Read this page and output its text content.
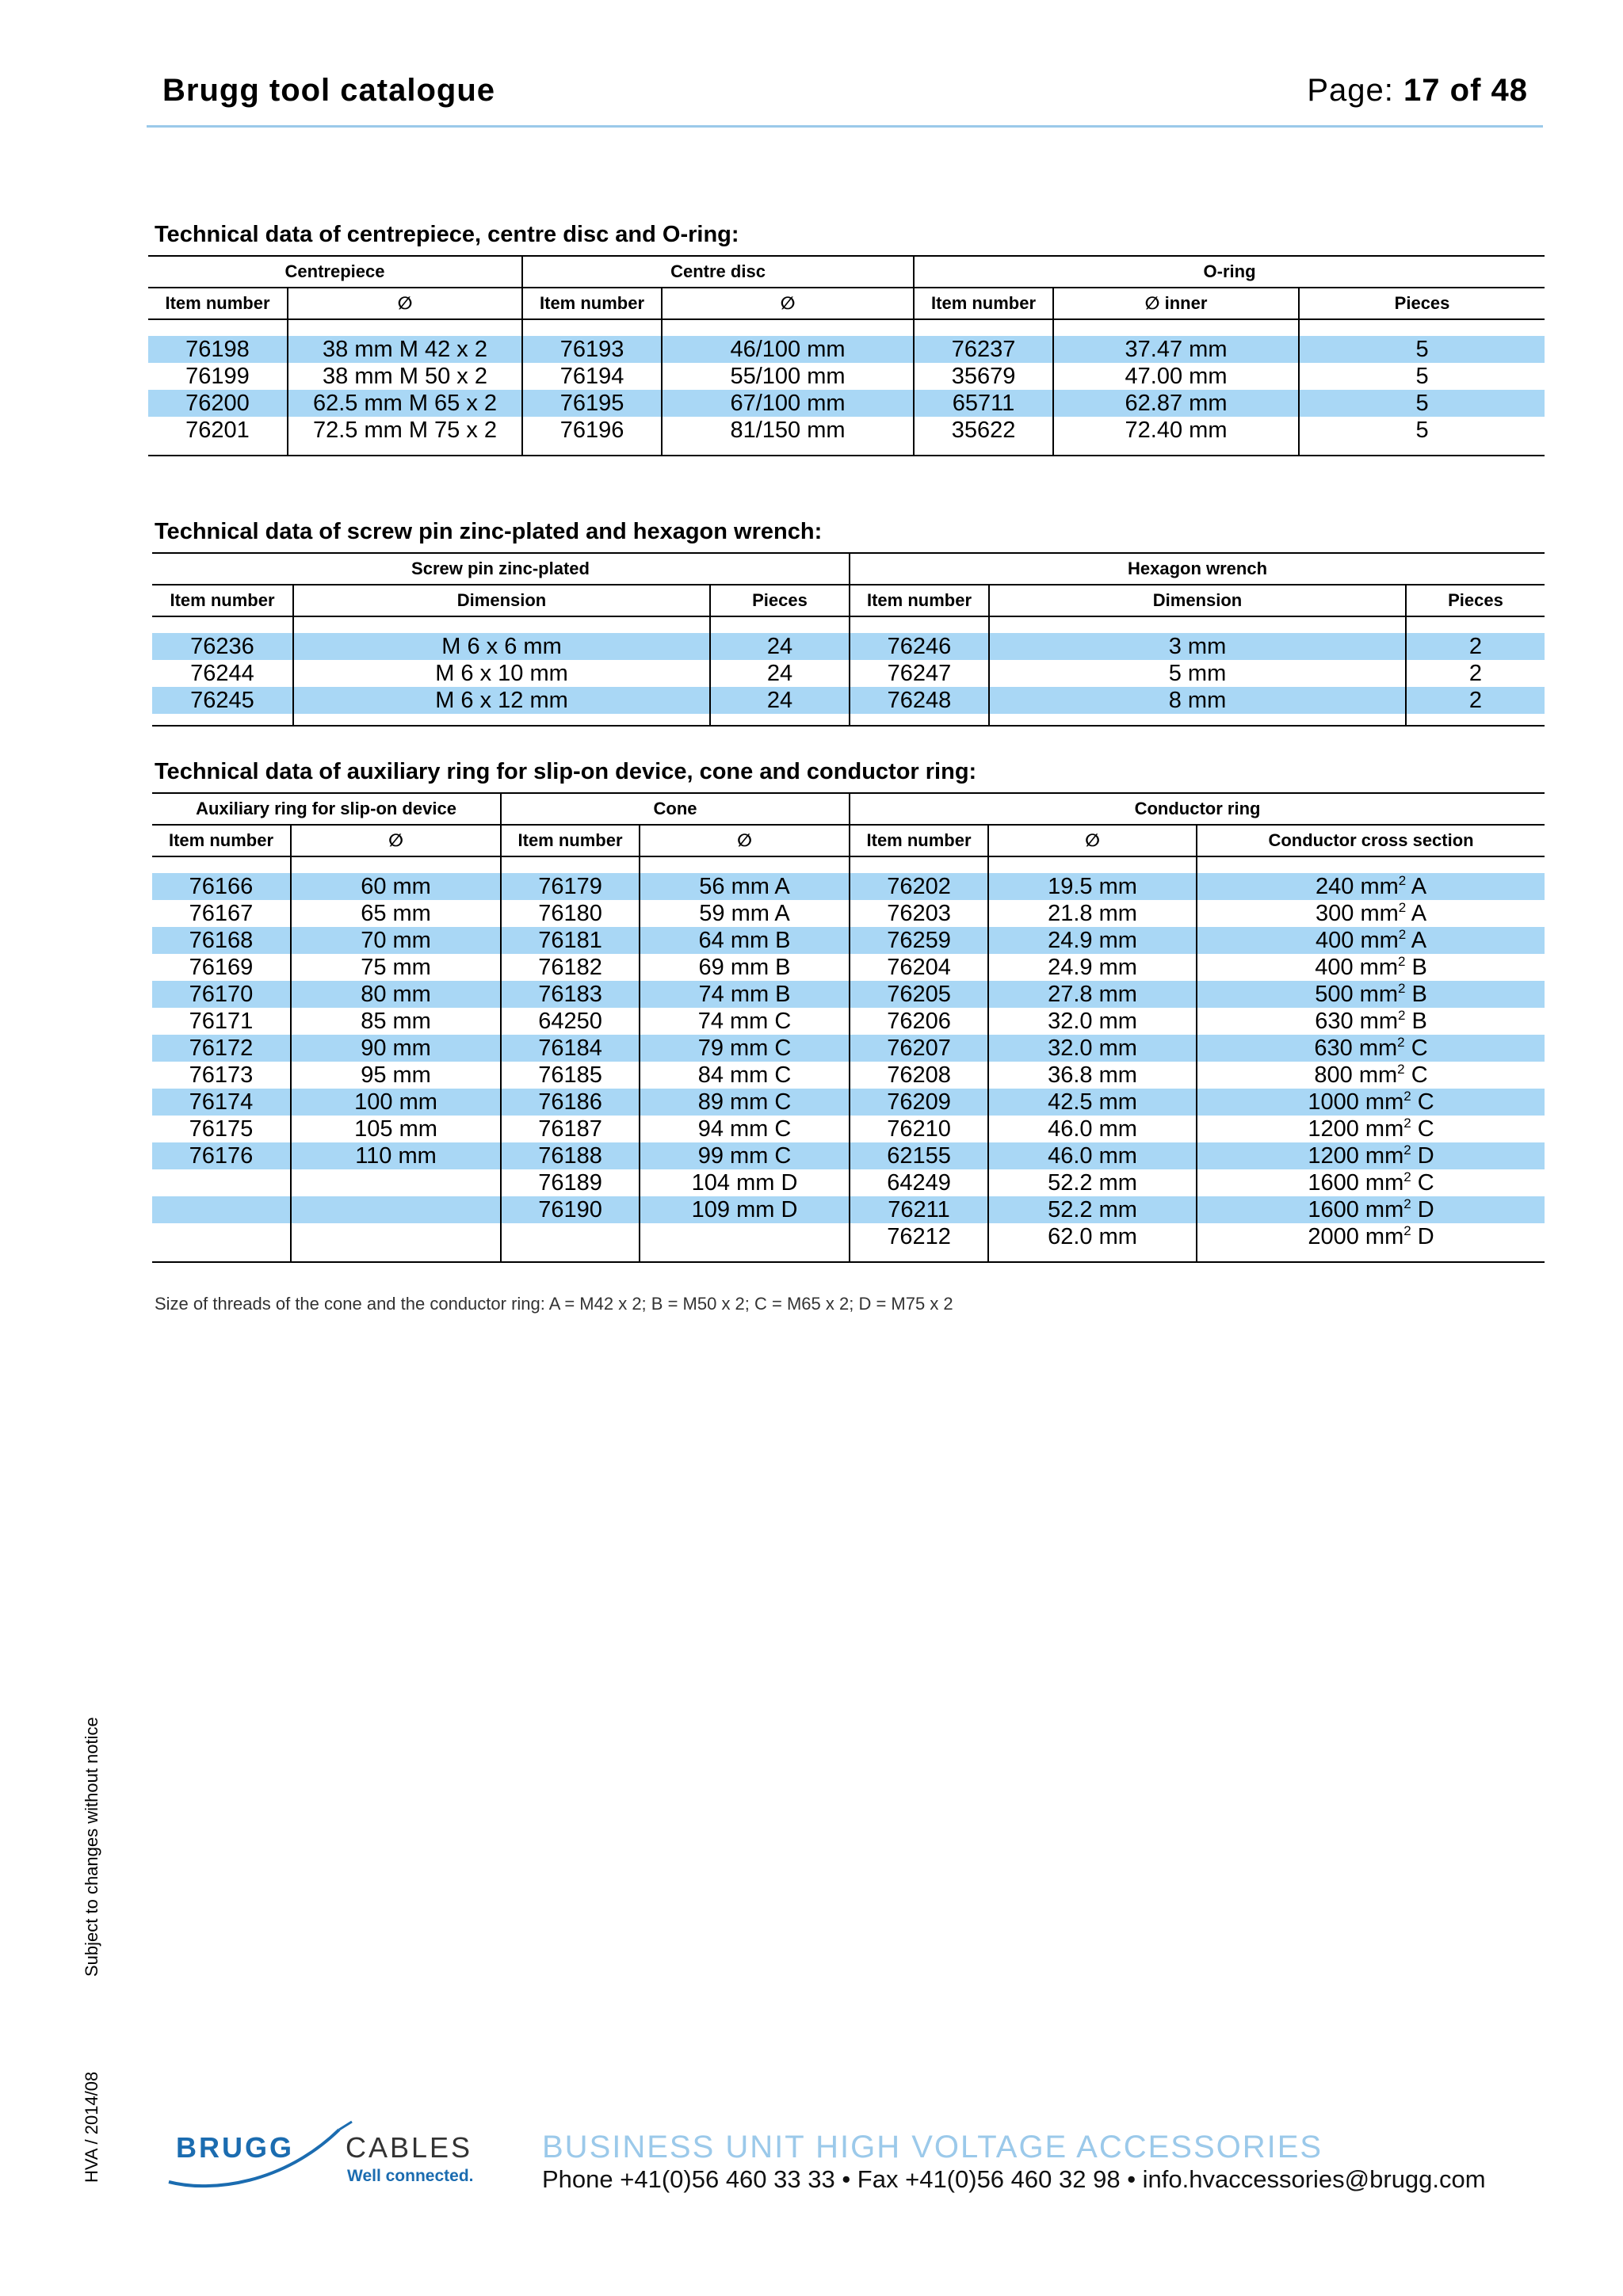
Brugg tool catalogue	Page: 17 of 48
Technical data of centrepiece, centre disc and O-ring:
Centrepiece		Centre disc		O-ring		
Item number	∅	Item number	∅	Item number	∅ inner	Pieces

76198	38 mm M 42 x 2	76193	46/100 mm	76237	37.47 mm	5
76199	38 mm M 50 x 2	76194	55/100 mm	35679	47.00 mm	5
76200	62.5 mm M 65 x 2	76195	67/100 mm	65711	62.87 mm	5
76201	72.5 mm M 75 x 2	76196	81/150 mm	35622	72.40 mm	5

Technical data of screw pin zinc-plated and hexagon wrench:
Screw pin zinc-plated			Hexagon wrench		
Item number	Dimension	Pieces	Item number	Dimension	Pieces

76236	M 6 x 6 mm	24	76246	3 mm	2
76244	M 6 x 10 mm	24	76247	5 mm	2
76245	M 6 x 12 mm	24	76248	8 mm	2

Technical data of auxiliary ring for slip-on device, cone and conductor ring:
Auxiliary ring for slip-on device		Cone		Conductor ring		
Item number	∅	Item number	∅	Item number	∅	Conductor cross section

76166	60 mm	76179	56 mm A	76202	19.5 mm	240 $mm^2$ A
76167	65 mm	76180	59 mm A	76203	21.8 mm	300 $mm^2$ A
76168	70 mm	76181	64 mm B	76259	24.9 mm	400 $mm^2$ A
76169	75 mm	76182	69 mm B	76204	24.9 mm	400 $mm^2$ B
76170	80 mm	76183	74 mm B	76205	27.8 mm	500 $mm^2$ B
76171	85 mm	64250	74 mm C	76206	32.0 mm	630 $mm^2$ B
76172	90 mm	76184	79 mm C	76207	32.0 mm	630 $mm^2$ C
76173	95 mm	76185	84 mm C	76208	36.8 mm	800 $mm^2$ C
76174	100 mm	76186	89 mm C	76209	42.5 mm	1000 $mm^2$ C
76175	105 mm	76187	94 mm C	76210	46.0 mm	1200 $mm^2$ C
76176	110 mm	76188	99 mm C	62155	46.0 mm	1200 $mm^2$ D
		76189	104 mm D	64249	52.2 mm	1600 $mm^2$ C
		76190	109 mm D	76211	52.2 mm	1600 $mm^2$ D
				76212	62.0 mm	2000 $mm^2$ D

Size of threads of the cone and the conductor ring: A = M42 x 2; B = M50 x 2; C = M65 x 2; D = M75 x 2
Subject to changes without notice
HVA / 2014/08	BRUGG CABLES
Well connected.
BUSINESS UNIT HIGH VOLTAGE ACCESSORIES
Phone +41(0)56 460 33 33 • Fax +41(0)56 460 32 98 • info.hvaccessories@brugg.com
